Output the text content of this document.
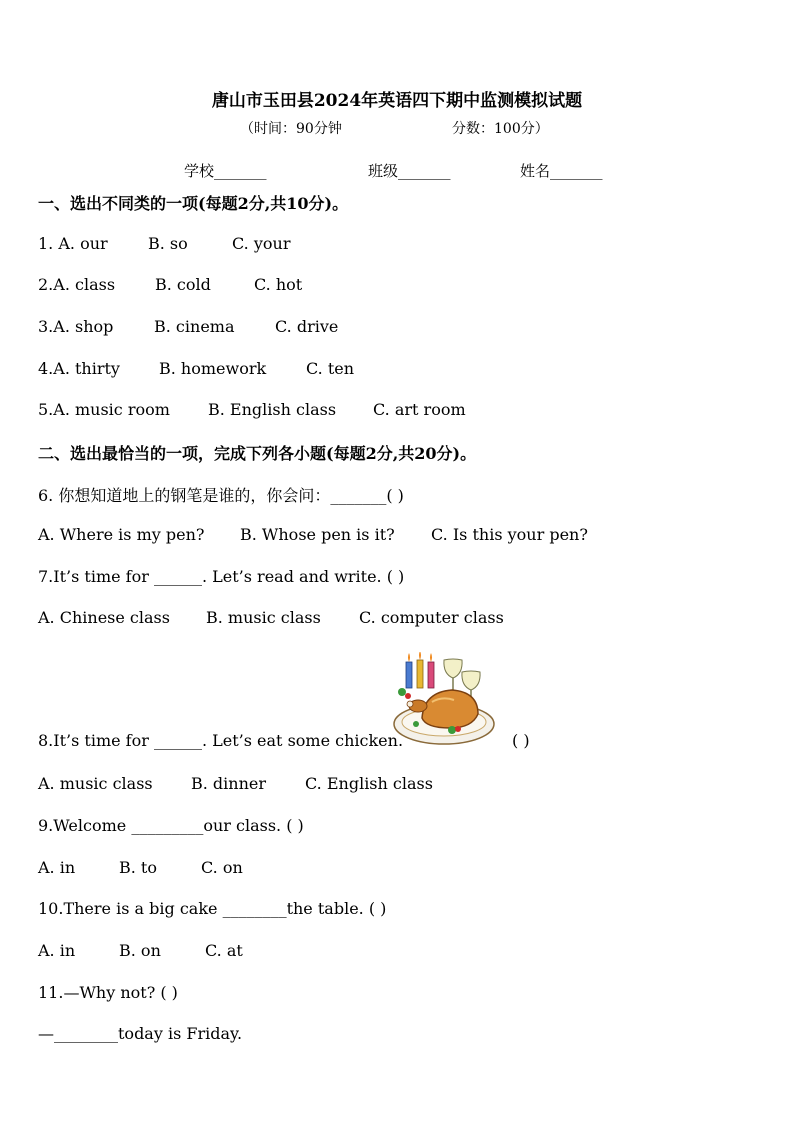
唐山市玉田县2024年英语四下期中监测模拟试题
（时间：90分钟	分数：100分）
学校_______	班级_______	姓名_______
一、选出不同类的一项(每题2分,共10分)。
1. A. our	B. so	C. your
2.A. class B. cold	C. hot
3.A. shop	B. cinema	C. drive
4.A. thirty B. homework C. ten
5.A. music room B. English class C. art room
二、选出最恰当的一项，完成下列各小题(每题2分,共20分)。
6. 你想知道地上的钢笔是谁的，你会问：_______( )
A. Where is my pen? B. Whose pen is it? C. Is this your pen?
7.It’s time for ______. Let’s read and write. ( )
A. Chinese class B. music class C. computer class
8.It’s time for ______. Let’s eat some chicken.	( )
A. music class B. dinner C. English class
9.Welcome _________our class. ( )
A. in	B. to	C. on
10.There is a big cake ________the table. ( )
A. in	B. on	C. at
11.—Why not? ( )
—________today is Friday.
